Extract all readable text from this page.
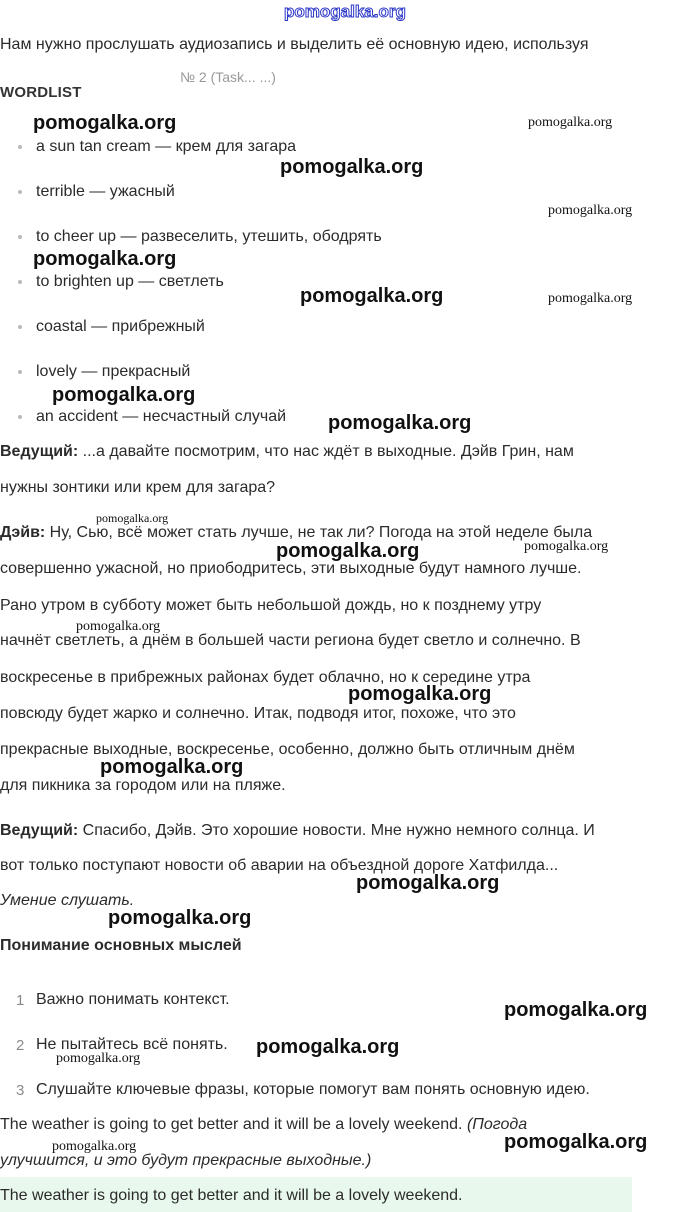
pomogalka.org
Нам нужно прослушать аудиозапись и выделить её основную идею, используя
№ 2 (Task... ...)
WORDLIST
a sun tan cream — крем для загара
terrible — ужасный
to cheer up — развеселить, утешить, ободрять
to brighten up — светлеть
coastal — прибрежный
lovely — прекрасный
an accident — несчастный случай
Ведущий: ...а давайте посмотрим, что нас ждёт в выходные. Дэйв Грин, нам
нужны зонтики или крем для загара?
Дэйв: Ну, Сью, всё может стать лучше, не так ли? Погода на этой неделе была
совершенно ужасной, но приободритесь, эти выходные будут намного лучше.
Рано утром в субботу может быть небольшой дождь, но к позднему утру
начнёт светлеть, а днём в большей части региона будет светло и солнечно. В
воскресенье в прибрежных районах будет облачно, но к середине утра
повсюду будет жарко и солнечно. Итак, подводя итог, похоже, что это
прекрасные выходные, воскресенье, особенно, должно быть отличным днём
для пикника за городом или на пляже.
Ведущий: Спасибо, Дэйв. Это хорошие новости. Мне нужно немного солнца. И
вот только поступают новости об аварии на объездной дороге Хатфилда...
Умение слушать.
Понимание основных мыслей
1 Важно понимать контекст.
2 Не пытайтесь всё понять.
3 Слушайте ключевые фразы, которые помогут вам понять основную идею.
The weather is going to get better and it will be a lovely weekend. (Погода
улучшится, и это будут прекрасные выходные.)
The weather is going to get better and it will be a lovely weekend.
pomogalka.org	pomogalka.org
pomogalka.org
pomogalka.org
pomogalka.org
pomogalka.org	pomogalka.org
pomogalka.org
pomogalka.org
pomogalka.org
pomogalka.org	pomogalka.org
pomogalka.org
pomogalka.org
pomogalka.org
pomogalka.org
pomogalka.org
pomogalka.org
pomogalka.org
pomogalka.org
pomogalka.org	pomogalka.org
